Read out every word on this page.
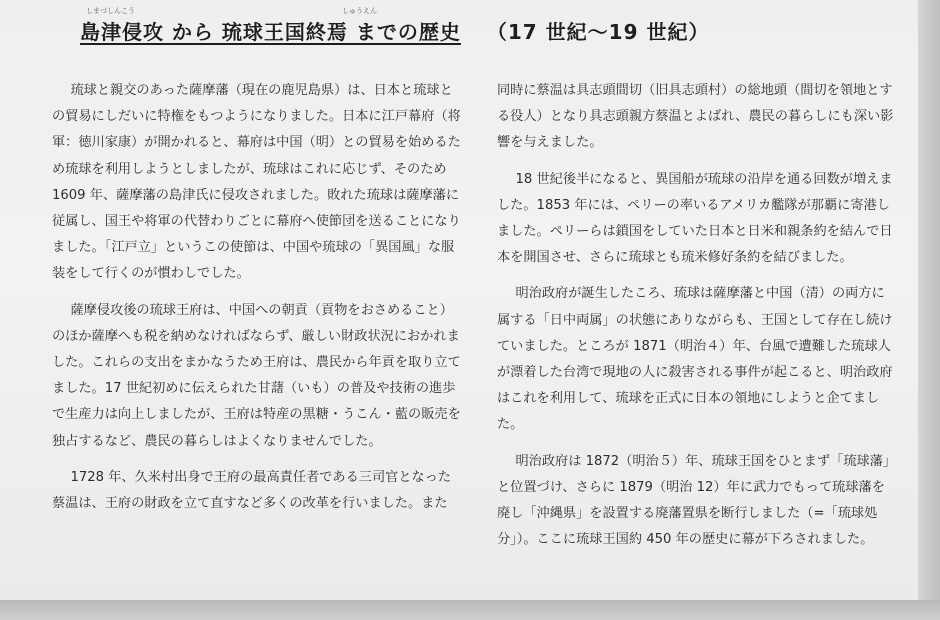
しまづしんこう	しゅうえん
島津侵攻 から 琉球王国終焉 までの歴史 （17 世紀～19 世紀）

琉球と親交のあった薩摩藩（現在の鹿児島県）は、日本と琉球との貿易にしだいに特権をもつようになりました。日本に江戸幕府（将軍：徳川家康）が開かれると、幕府は中国（明）との貿易を始めるため琉球を利用しようとしましたが、琉球はこれに応じず、そのため 1609 年、薩摩藩の島津氏に侵攻されました。敗れた琉球は薩摩藩に従属し、国王や将軍の代替わりごとに幕府へ使節団を送ることになりました。「江戸立」というこの使節は、中国や琉球の「異国風」な服装をして行くのが慣わしでした。

薩摩侵攻後の琉球王府は、中国への朝貢（貢物をおさめること）のほか薩摩へも税を納めなければならず、厳しい財政状況におかれました。これらの支出をまかなうため王府は、農民から年貢を取り立てました。17 世紀初めに伝えられた甘藷（いも）の普及や技術の進歩で生産力は向上しましたが、王府は特産の黒糖・うこん・藍の販売を独占するなど、農民の暮らしはよくなりませんでした。

1728 年、久米村出身で王府の最高責任者である三司官となった蔡温は、王府の財政を立て直すなど多くの改革を行いました。また

同時に蔡温は具志頭間切（旧具志頭村）の総地頭（間切を領地とする役人）となり具志頭親方蔡温とよばれ、農民の暮らしにも深い影響を与えました。

18 世紀後半になると、異国船が琉球の沿岸を通る回数が増えました。1853 年には、ペリーの率いるアメリカ艦隊が那覇に寄港しました。ペリーらは鎖国をしていた日本と日米和親条約を結んで日本を開国させ、さらに琉球とも琉米修好条約を結びました。

明治政府が誕生したころ、琉球は薩摩藩と中国（清）の両方に属する「日中両属」の状態にありながらも、王国として存在し続けていました。ところが 1871（明治４）年、台風で遭難した琉球人が漂着した台湾で現地の人に殺害される事件が起こると、明治政府はこれを利用して、琉球を正式に日本の領地にしようと企てました。

明治政府は 1872（明治５）年、琉球王国をひとまず「琉球藩」と位置づけ、さらに 1879（明治 12）年に武力でもって琉球藩を廃し「沖縄県」を設置する廃藩置県を断行しました（=「琉球処分」）。ここに琉球王国約 450 年の歴史に幕が下ろされました。
